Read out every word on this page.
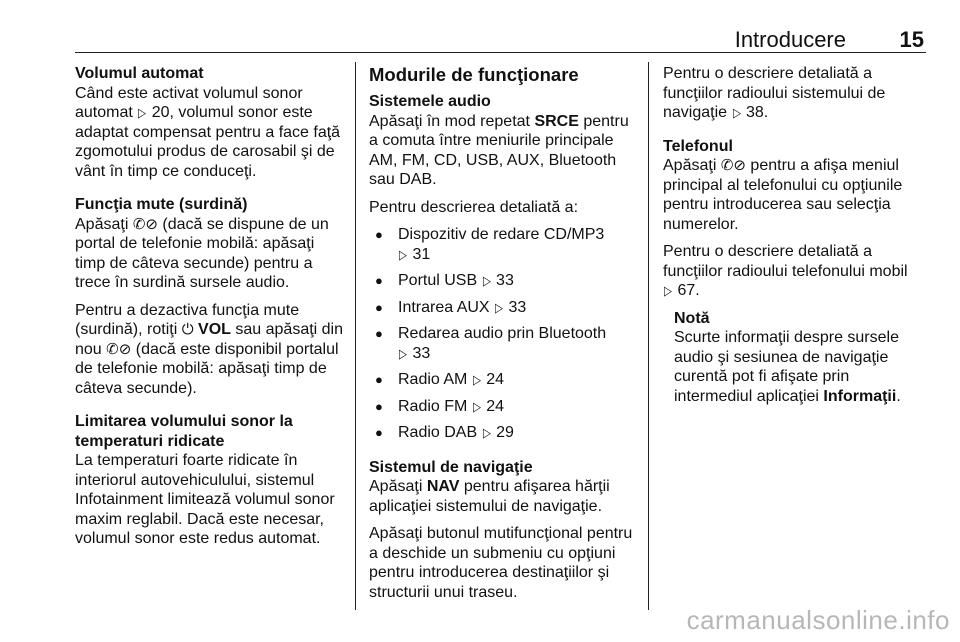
Introducere 15

Volumul automat

Când este activat volumul sonor automat ▷ 20, volumul sonor este adaptat compensat pentru a face faţă zgomotului produs de carosabil şi de vânt în timp ce conduceţi.

Funcţia mute (surdină)

Apăsaţi ✆⊘ (dacă se dispune de un portal de telefonie mobilă: apăsaţi timp de câteva secunde) pentru a trece în surdină sursele audio.

Pentru a dezactiva funcţia mute (surdină), rotiţi ⏻ VOL sau apăsaţi din nou ✆⊘ (dacă este disponibil portalul de telefonie mobilă: apăsaţi timp de câteva secunde).

Limitarea volumului sonor la temperaturi ridicate

La temperaturi foarte ridicate în interiorul autovehiculului, sistemul Infotainment limitează volumul sonor maxim reglabil. Dacă este necesar, volumul sonor este redus automat.

Modurile de funcţionare

Sistemele audio

Apăsaţi în mod repetat SRCE pentru a comuta între meniurile principale AM, FM, CD, USB, AUX, Bluetooth sau DAB.

Pentru descrierea detaliată a:

● Dispozitiv de redare CD/MP3
▷ 31
● Portul USB ▷ 33
● Intrarea AUX ▷ 33
● Redarea audio prin Bluetooth
▷ 33
● Radio AM ▷ 24
● Radio FM ▷ 24
● Radio DAB ▷ 29

Sistemul de navigaţie

Apăsaţi NAV pentru afişarea hărţii aplicaţiei sistemului de navigaţie.

Apăsaţi butonul mutifuncţional pentru a deschide un submeniu cu opţiuni pentru introducerea destinaţiilor şi structurii unui traseu.

Pentru o descriere detaliată a funcţiilor radioului sistemului de navigaţie ▷ 38.

Telefonul

Apăsaţi ✆⊘ pentru a afişa meniul principal al telefonului cu opţiunile pentru introducerea sau selecţia numerelor.

Pentru o descriere detaliată a funcţiilor radioului telefonului mobil
▷ 67.

Notă

Scurte informaţii despre sursele audio şi sesiunea de navigaţie curentă pot fi afişate prin intermediul aplicaţiei Informaţii.

carmanualsonline.info
